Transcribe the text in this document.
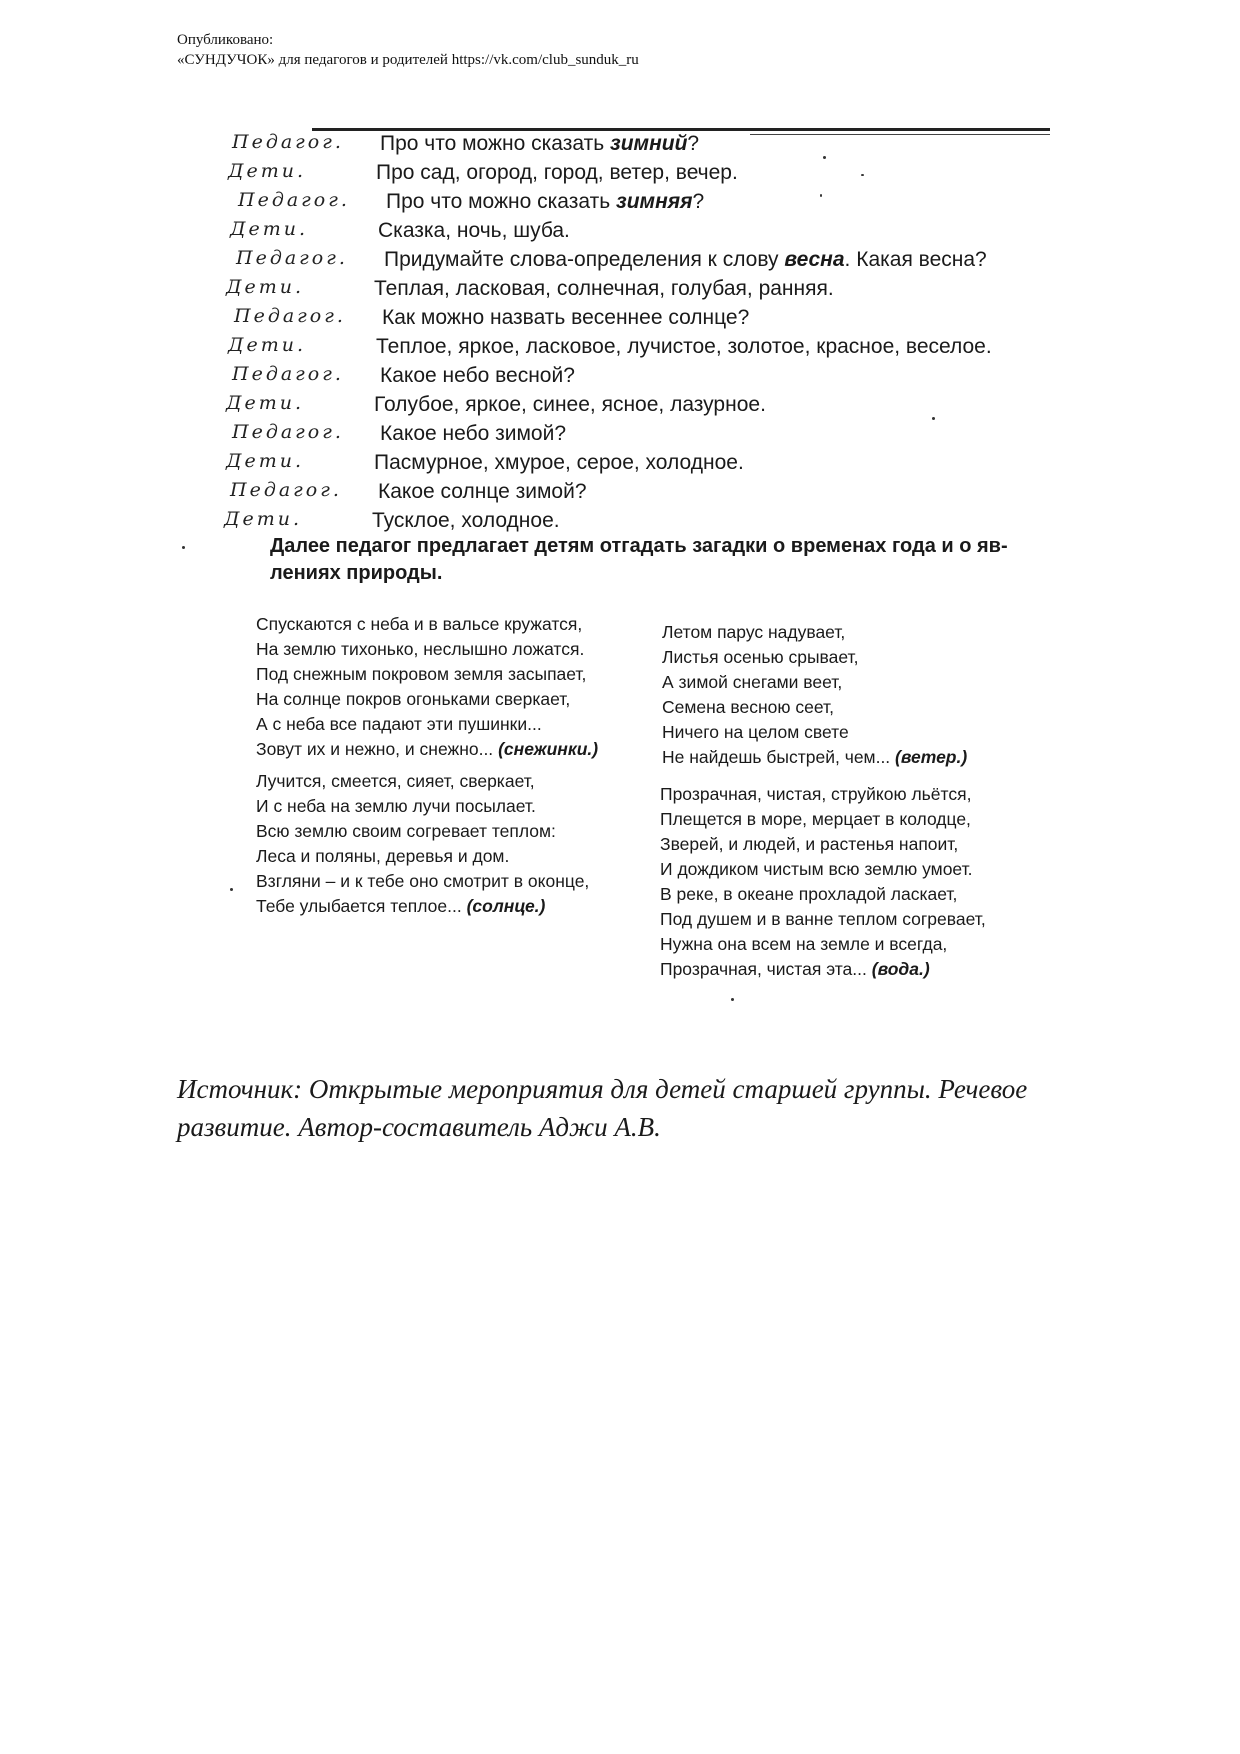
Опубликовано:
«СУНДУЧОК» для педагогов и родителей https://vk.com/club_sunduk_ru
Педагог. Про что можно сказать зимний?
Дети.	Про сад, огород, город, ветер, вечер.
Педагог. Про что можно сказать зимняя?
Дети.	Сказка, ночь, шуба.
Педагог. Придумайте слова-определения к слову весна. Какая весна?
Дети.	Теплая, ласковая, солнечная, голубая, ранняя.
Педагог. Как можно назвать весеннее солнце?
Дети.	Теплое, яркое, ласковое, лучистое, золотое, красное, веселое.
Педагог. Какое небо весной?
Дети.	Голубое, яркое, синее, ясное, лазурное.
Педагог. Какое небо зимой?
Дети.	Пасмурное, хмурое, серое, холодное.
Педагог. Какое солнце зимой?
Дети.	Тусклое, холодное.
Далее педагог предлагает детям отгадать загадки о временах года и о яв-
лениях природы.
Спускаются с неба и в вальсе кружатся,
На землю тихонько, неслышно ложатся.
Под снежным покровом земля засыпает,
На солнце покров огоньками сверкает,
А с неба все падают эти пушинки...
Зовут их и нежно, и снежно... (снежинки.)
Лучится, смеется, сияет, сверкает,
И с неба на землю лучи посылает.
Всю землю своим согревает теплом:
Леса и поляны, деревья и дом.
Взгляни – и к тебе оно смотрит в оконце,
Тебе улыбается теплое... (солнце.)
Летом парус надувает,
Листья осенью срывает,
А зимой снегами веет,
Семена весною сеет,
Ничего на целом свете
Не найдешь быстрей, чем... (ветер.)
Прозрачная, чистая, струйкою льётся,
Плещется в море, мерцает в колодце,
Зверей, и людей, и растенья напоит,
И дождиком чистым всю землю умоет.
В реке, в океане прохладой ласкает,
Под душем и в ванне теплом согревает,
Нужна она всем на земле и всегда,
Прозрачная, чистая эта... (вода.)
Источник: Открытые мероприятия для детей старшей группы. Речевое
развитие. Автор-составитель Аджи А.В.
